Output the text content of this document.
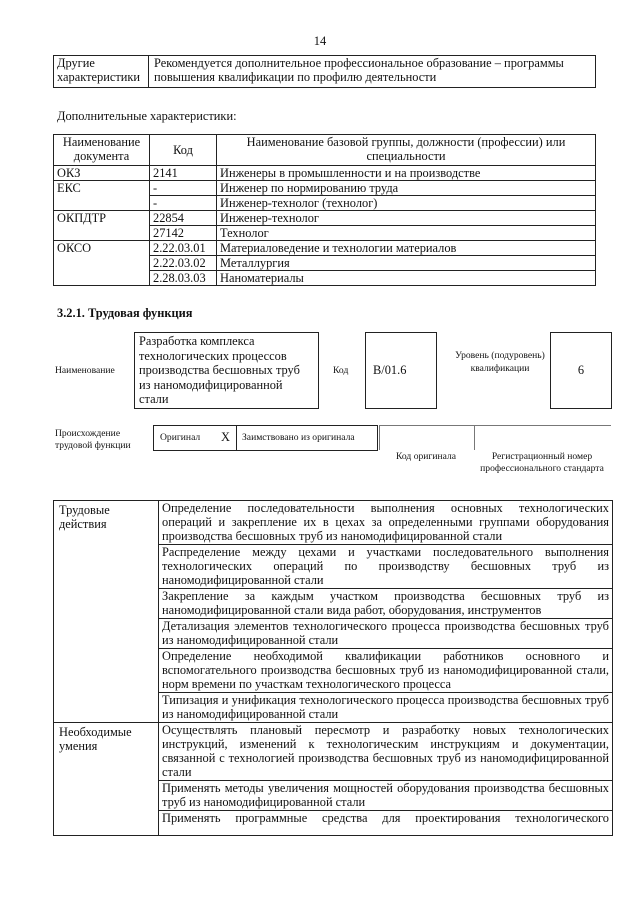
14
Другие характеристики	Рекомендуется дополнительное профессиональное образование – программы повышения квалификации по профилю деятельности
Дополнительные характеристики:
Наименование документа	Код	Наименование базовой группы, должности (профессии) или специальности
ОКЗ	2141	Инженеры в промышленности и на производстве
ЕКС	-	Инженер по нормированию труда
	-	Инженер-технолог (технолог)
ОКПДТР	22854	Инженер-технолог
	27142	Технолог
ОКСО	2.22.03.01	Материаловедение и технологии материалов
	2.22.03.02	Металлургия
	2.28.03.03	Наноматериалы
3.2.1. Трудовая функция
Наименование
Разработка комплекса технологических процессов производства бесшовных труб из наномодифицированной стали
Код	B/01.6
Уровень (подуровень) квалификации	6
Происхождение трудовой функции
Оригинал X Заимствовано из оригинала
Код оригинала	Регистрационный номер профессионального стандарта
Трудовые действия	Определение последовательности выполнения основных технологических операций и закрепление их в цехах за определенными группами оборудования производства бесшовных труб из наномодифицированной стали
	Распределение между цехами и участками последовательного выполнения технологических операций по производству бесшовных труб из наномодифицированной стали
	Закрепление за каждым участком производства бесшовных труб из наномодифицированной стали вида работ, оборудования, инструментов
	Детализация элементов технологического процесса производства бесшовных труб из наномодифицированной стали
	Определение необходимой квалификации работников основного и вспомогательного производства бесшовных труб из наномодифицированной стали, норм времени по участкам технологического процесса
	Типизация и унификация технологического процесса производства бесшовных труб из наномодифицированной стали
Необходимые умения	Осуществлять плановый пересмотр и разработку новых технологических инструкций, изменений к технологическим инструкциям и документации, связанной с технологией производства бесшовных труб из наномодифицированной стали
	Применять методы увеличения мощностей оборудования производства бесшовных труб из наномодифицированной стали
	Применять программные средства для проектирования технологического
